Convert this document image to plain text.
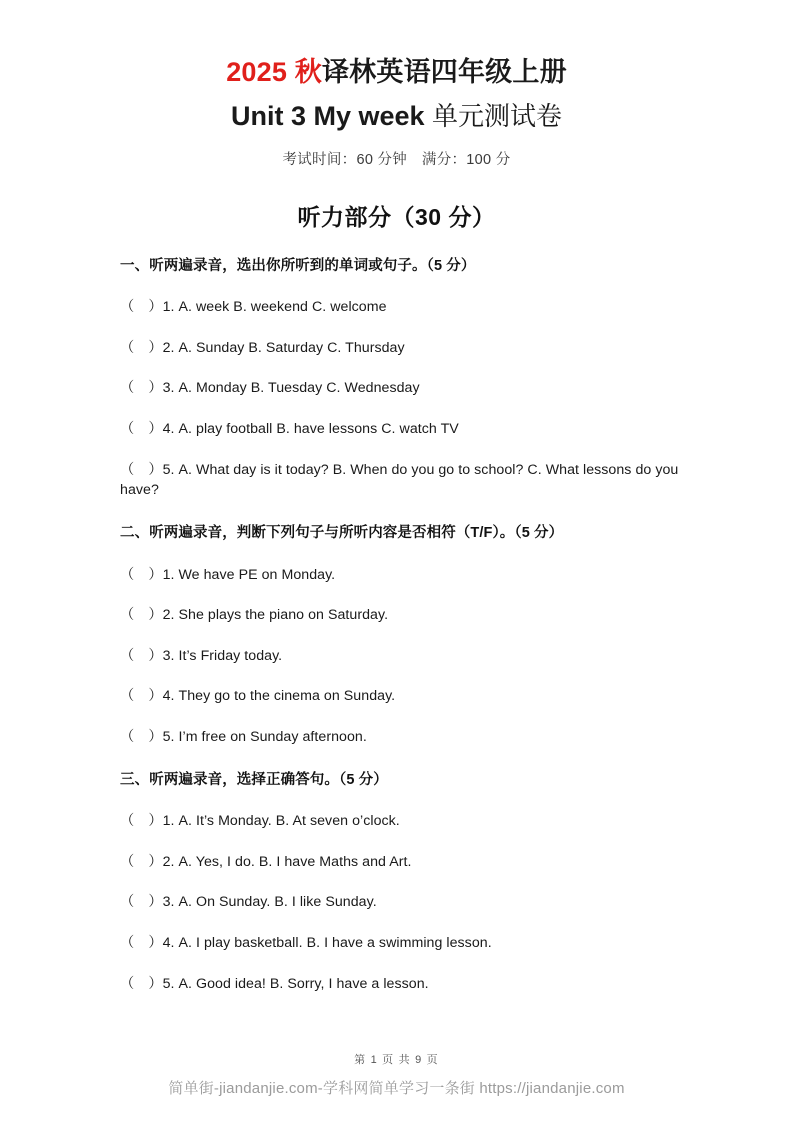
2025 秋译林英语四年级上册
Unit 3 My week 单元测试卷

考试时间：60 分钟　满分：100 分

听力部分（30 分）

一、听两遍录音，选出你所听到的单词或句子。（5 分）

（　）1. A. week B. weekend C. welcome
（　）2. A. Sunday B. Saturday C. Thursday
（　）3. A. Monday B. Tuesday C. Wednesday
（　）4. A. play football B. have lessons C. watch TV
（　）5. A. What day is it today? B. When do you go to school? C. What lessons do you have?

二、听两遍录音，判断下列句子与所听内容是否相符（T/F）。（5 分）

（　）1. We have PE on Monday.
（　）2. She plays the piano on Saturday.
（　）3. It’s Friday today.
（　）4. They go to the cinema on Sunday.
（　）5. I’m free on Sunday afternoon.

三、听两遍录音，选择正确答句。（5 分）

（　）1. A. It’s Monday. B. At seven o’clock.
（　）2. A. Yes, I do. B. I have Maths and Art.
（　）3. A. On Sunday. B. I like Sunday.
（　）4. A. I play basketball. B. I have a swimming lesson.
（　）5. A. Good idea! B. Sorry, I have a lesson.

第 1 页 共 9 页

简单街-jiandanjie.com-学科网简单学习一条街 https://jiandanjie.com
